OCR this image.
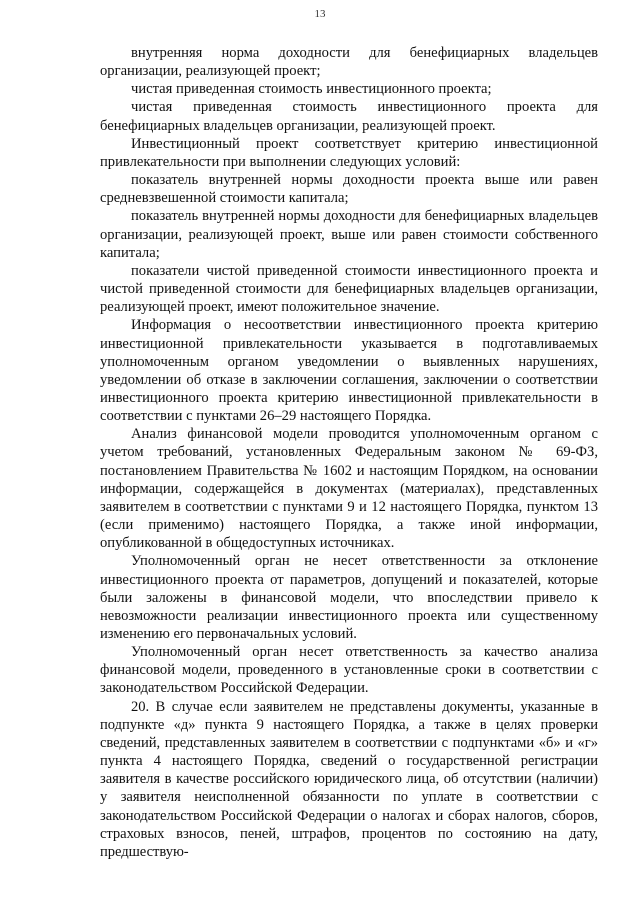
13

внутренняя норма доходности для бенефициарных владельцев организации, реализующей проект;

чистая приведенная стоимость инвестиционного проекта;

чистая приведенная стоимость инвестиционного проекта для бенефициарных владельцев организации, реализующей проект.

Инвестиционный проект соответствует критерию инвестиционной привлекательности при выполнении следующих условий:

показатель внутренней нормы доходности проекта выше или равен средневзвешенной стоимости капитала;

показатель внутренней нормы доходности для бенефициарных владельцев организации, реализующей проект, выше или равен стоимости собственного капитала;

показатели чистой приведенной стоимости инвестиционного проекта и чистой приведенной стоимости для бенефициарных владельцев организации, реализующей проект, имеют положительное значение.

Информация о несоответствии инвестиционного проекта критерию инвестиционной привлекательности указывается в подготавливаемых уполномоченным органом уведомлении о выявленных нарушениях, уведомлении об отказе в заключении соглашения, заключении о соответствии инвестиционного проекта критерию инвестиционной привлекательности в соответствии с пунктами 26–29 настоящего Порядка.

Анализ финансовой модели проводится уполномоченным органом с учетом требований, установленных Федеральным законом № 69-ФЗ, постановлением Правительства № 1602 и настоящим Порядком, на основании информации, содержащейся в документах (материалах), представленных заявителем в соответствии с пунктами 9 и 12 настоящего Порядка, пунктом 13 (если применимо) настоящего Порядка, а также иной информации, опубликованной в общедоступных источниках.

Уполномоченный орган не несет ответственности за отклонение инвестиционного проекта от параметров, допущений и показателей, которые были заложены в финансовой модели, что впоследствии привело к невозможности реализации инвестиционного проекта или существенному изменению его первоначальных условий.

Уполномоченный орган несет ответственность за качество анализа финансовой модели, проведенного в установленные сроки в соответствии с законодательством Российской Федерации.

20. В случае если заявителем не представлены документы, указанные в подпункте «д» пункта 9 настоящего Порядка, а также в целях проверки сведений, представленных заявителем в соответствии с подпунктами «б» и «г» пункта 4 настоящего Порядка, сведений о государственной регистрации заявителя в качестве российского юридического лица, об отсутствии (наличии) у заявителя неисполненной обязанности по уплате в соответствии с законодательством Российской Федерации о налогах и сборах налогов, сборов, страховых взносов, пеней, штрафов, процентов по состоянию на дату, предшествую-
